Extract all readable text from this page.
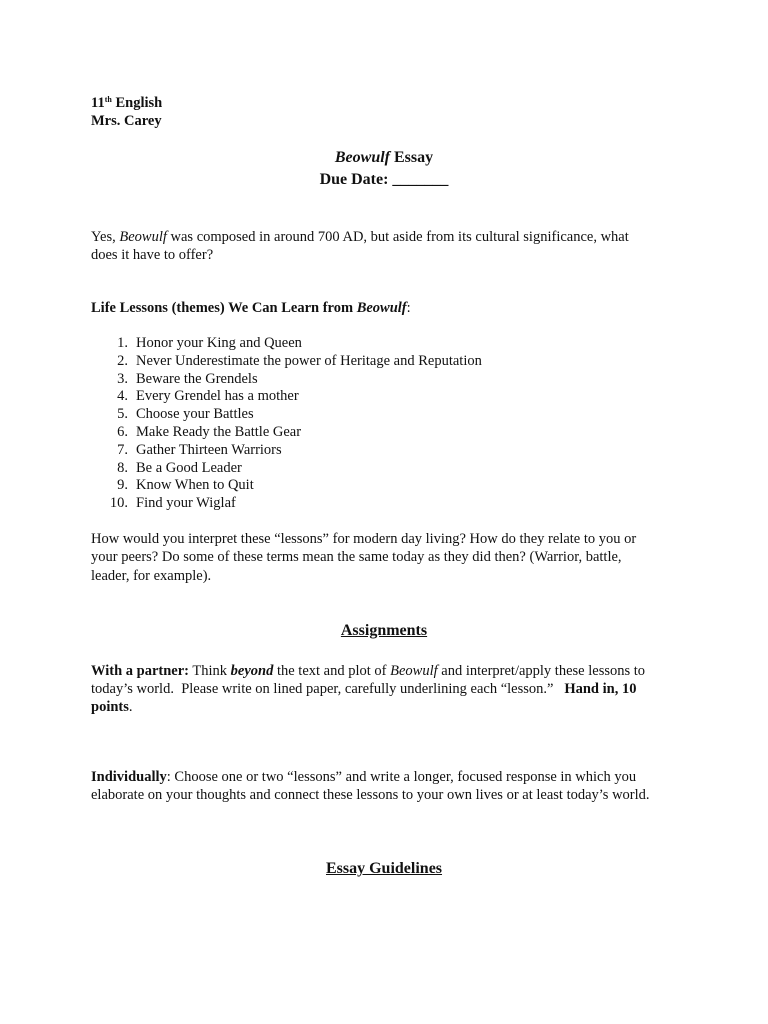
11th English
Mrs. Carey
Beowulf Essay
Due Date: _______
Yes, Beowulf was composed in around 700 AD, but aside from its cultural significance, what
does it have to offer?
Life Lessons (themes) We Can Learn from Beowulf:
1. Honor your King and Queen
2. Never Underestimate the power of Heritage and Reputation
3. Beware the Grendels
4. Every Grendel has a mother
5. Choose your Battles
6. Make Ready the Battle Gear
7. Gather Thirteen Warriors
8. Be a Good Leader
9. Know When to Quit
10. Find your Wiglaf
How would you interpret these “lessons” for modern day living? How do they relate to you or
your peers? Do some of these terms mean the same today as they did then? (Warrior, battle,
leader, for example).
Assignments
With a partner: Think beyond the text and plot of Beowulf and interpret/apply these lessons to
today’s world.  Please write on lined paper, carefully underlining each “lesson.”   Hand in, 10
points.
Individually: Choose one or two “lessons” and write a longer, focused response in which you
elaborate on your thoughts and connect these lessons to your own lives or at least today’s world.
Essay Guidelines
